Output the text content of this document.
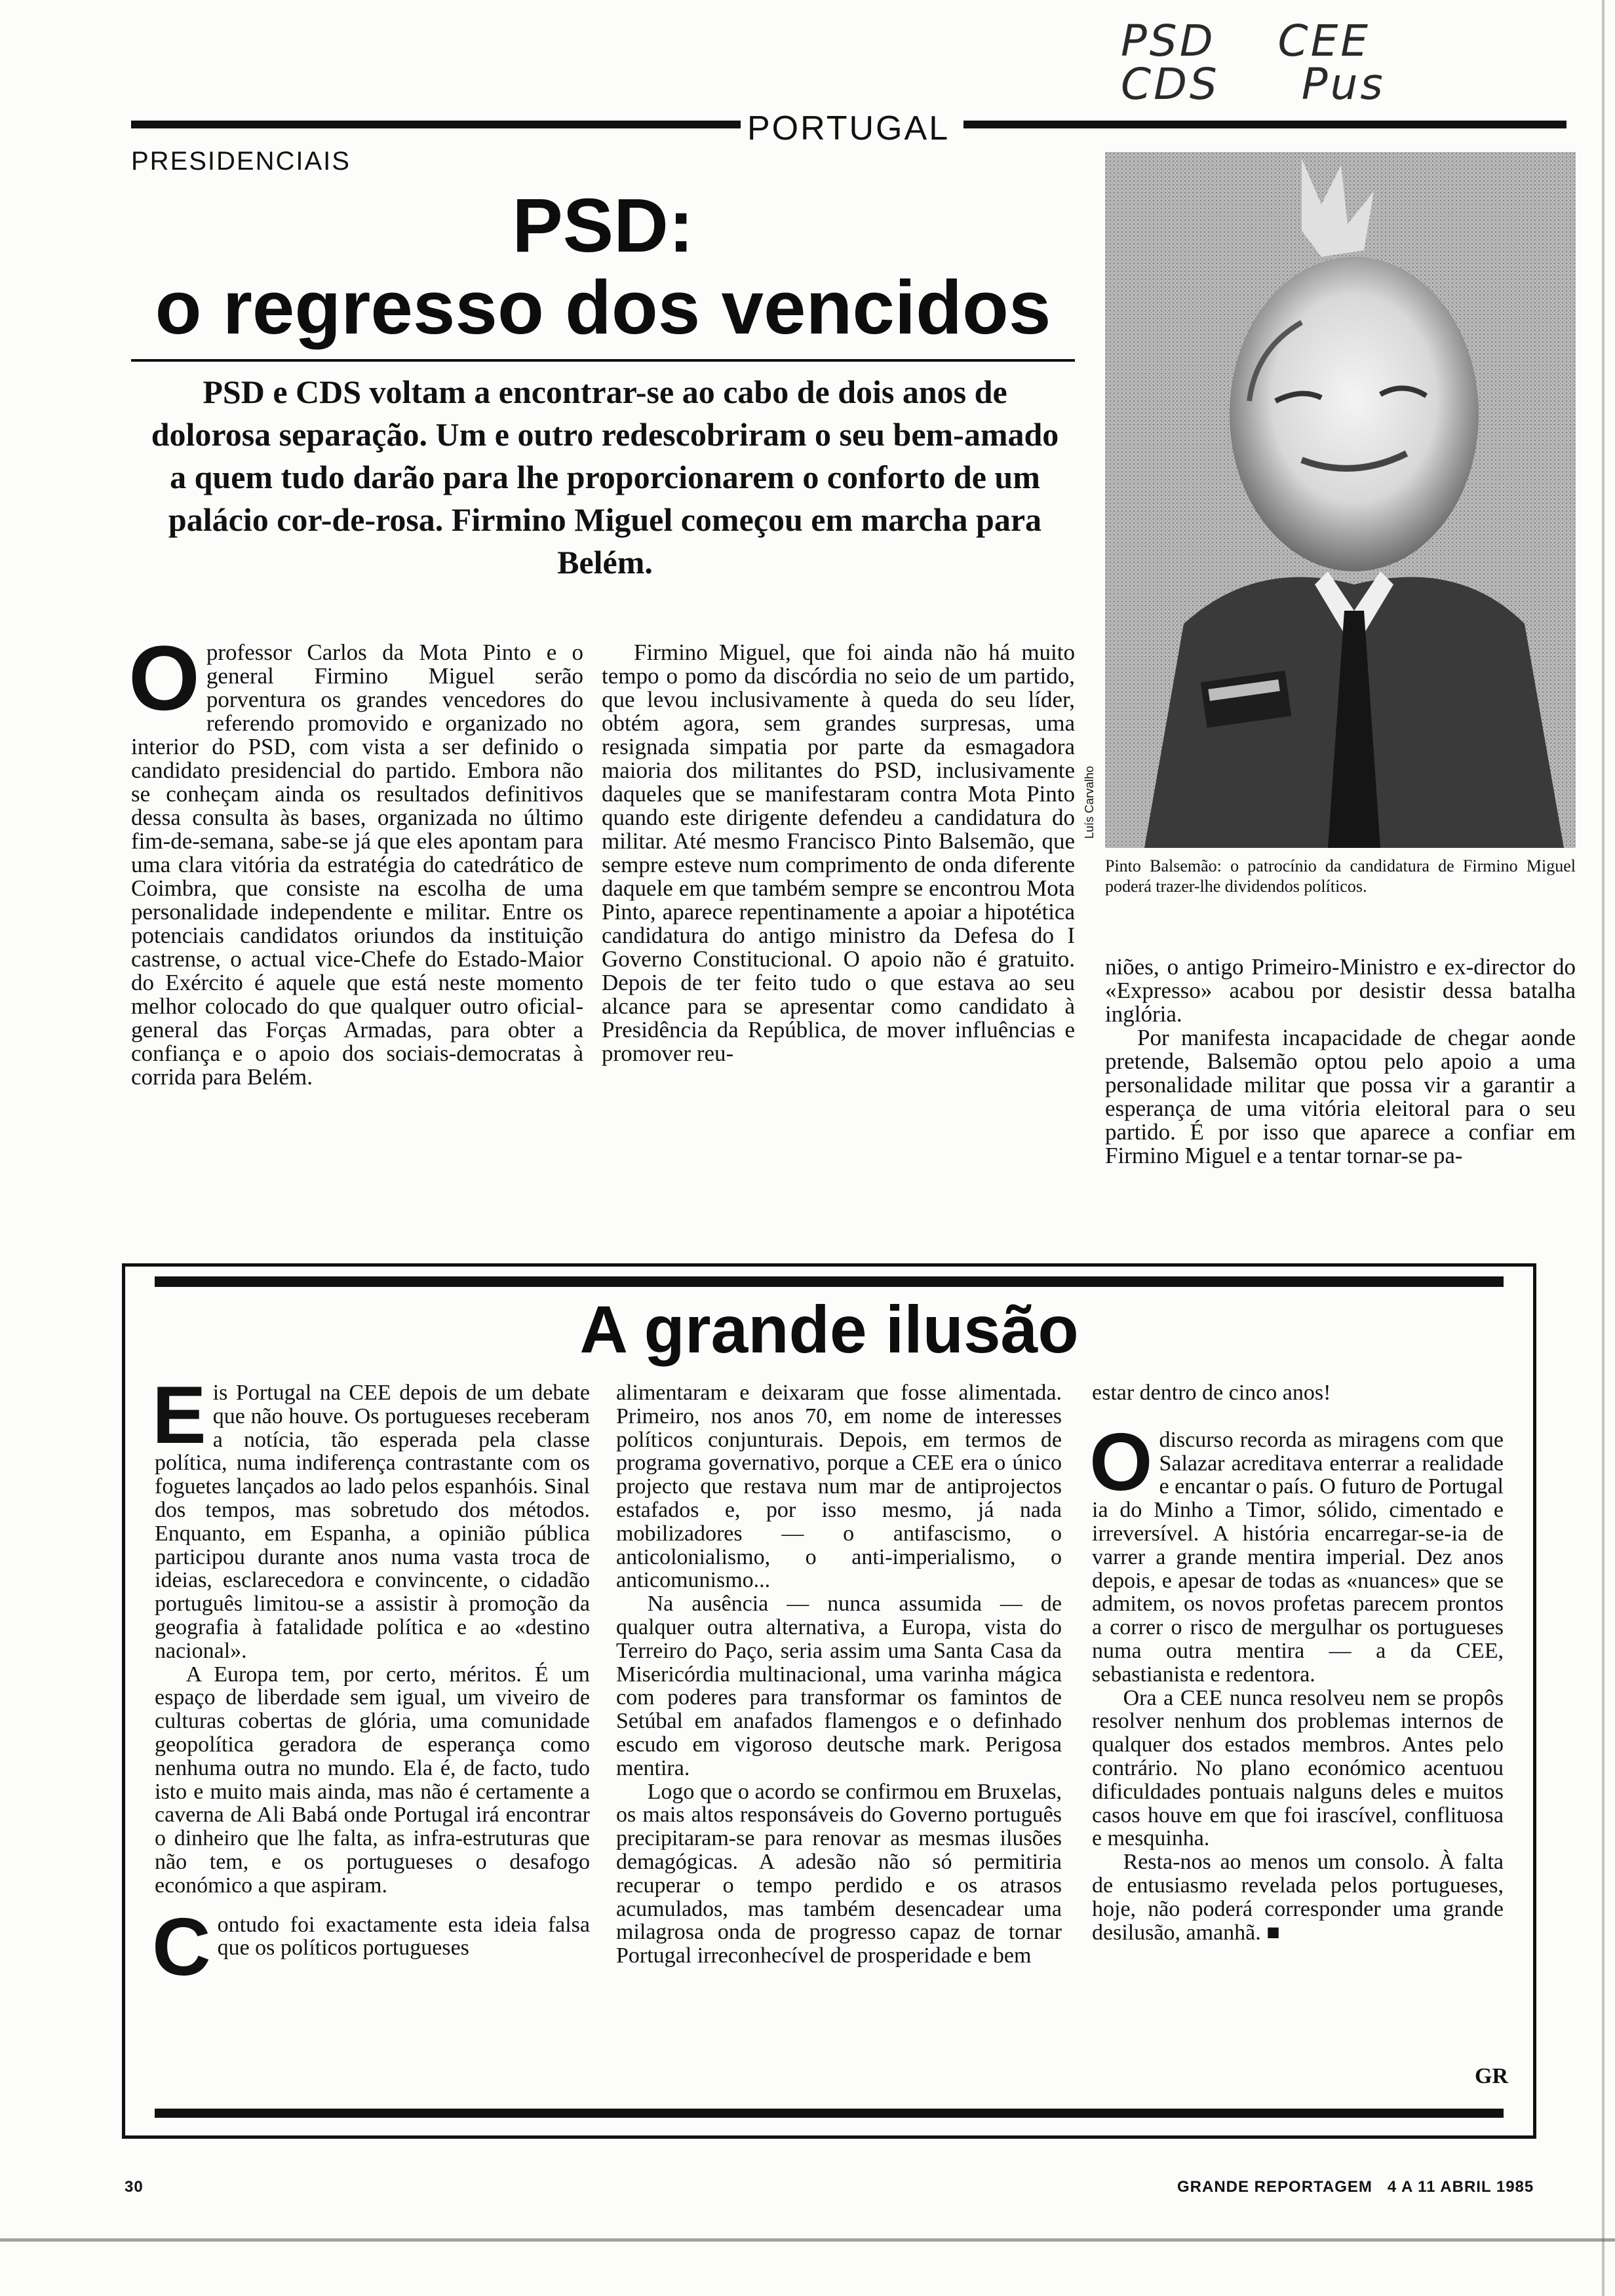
PSD CEE
CDS Pus
PORTUGAL
PRESIDENCIAIS
PSD:
o regresso dos vencidos
PSD e CDS voltam a encontrar-se ao cabo de dois anos de dolorosa separação. Um e outro redescobriram o seu bem-amado a quem tudo darão para lhe proporcionarem o conforto de um palácio cor-de-rosa. Firmino Miguel começou em marcha para Belém.

Oprofessor Carlos da Mota Pinto e o general Firmino Miguel serão porventura os grandes vencedores do referendo promovido e organizado no interior do PSD, com vista a ser definido o candidato presidencial do partido. Embora não se conheçam ainda os resultados definitivos dessa consulta às bases, organizada no último fim-de-semana, sabe-se já que eles apontam para uma clara vitória da estratégia do catedrático de Coimbra, que consiste na escolha de uma personalidade independente e militar. Entre os potenciais candidatos oriundos da instituição castrense, o actual vice-Chefe do Estado-Maior do Exército é aquele que está neste momento melhor colocado do que qualquer outro oficial-general das Forças Armadas, para obter a confiança e o apoio dos sociais-democratas à corrida para Belém.

Firmino Miguel, que foi ainda não há muito tempo o pomo da discórdia no seio de um partido, que levou inclusivamente à queda do seu líder, obtém agora, sem grandes surpresas, uma resignada simpatia por parte da esmagadora maioria dos militantes do PSD, inclusivamente daqueles que se manifestaram contra Mota Pinto quando este dirigente defendeu a candidatura do militar. Até mesmo Francisco Pinto Balsemão, que sempre esteve num comprimento de onda diferente daquele em que também sempre se encontrou Mota Pinto, aparece repentinamente a apoiar a hipotética candidatura do antigo ministro da Defesa do I Governo Constitucional. O apoio não é gratuito. Depois de ter feito tudo o que estava ao seu alcance para se apresentar como candidato à Presidência da República, de mover influências e promover reu-

Luís Carvalho
Pinto Balsemão: o patrocínio da candidatura de Firmino Miguel poderá trazer-lhe dividendos políticos.

niões, o antigo Primeiro-Ministro e ex-director do «Expresso» acabou por desistir dessa batalha inglória.

Por manifesta incapacidade de chegar aonde pretende, Balsemão optou pelo apoio a uma personalidade militar que possa vir a garantir a esperança de uma vitória eleitoral para o seu partido. É por isso que aparece a confiar em Firmino Miguel e a tentar tornar-se pa-

A grande ilusão

Eis Portugal na CEE depois de um debate que não houve. Os portugueses receberam a notícia, tão esperada pela classe política, numa indiferença contrastante com os foguetes lançados ao lado pelos espanhóis. Sinal dos tempos, mas sobretudo dos métodos. Enquanto, em Espanha, a opinião pública participou durante anos numa vasta troca de ideias, esclarecedora e convincente, o cidadão português limitou-se a assistir à promoção da geografia à fatalidade política e ao «destino nacional».

A Europa tem, por certo, méritos. É um espaço de liberdade sem igual, um viveiro de culturas cobertas de glória, uma comunidade geopolítica geradora de esperança como nenhuma outra no mundo. Ela é, de facto, tudo isto e muito mais ainda, mas não é certamente a caverna de Ali Babá onde Portugal irá encontrar o dinheiro que lhe falta, as infra-estruturas que não tem, e os portugueses o desafogo económico a que aspiram.

Contudo foi exactamente esta ideia falsa que os políticos portugueses

alimentaram e deixaram que fosse alimentada. Primeiro, nos anos 70, em nome de interesses políticos conjunturais. Depois, em termos de programa governativo, porque a CEE era o único projecto que restava num mar de antiprojectos estafados e, por isso mesmo, já nada mobilizadores — o antifascismo, o anticolonialismo, o anti-imperialismo, o anticomunismo...

Na ausência — nunca assumida — de qualquer outra alternativa, a Europa, vista do Terreiro do Paço, seria assim uma Santa Casa da Misericórdia multinacional, uma varinha mágica com poderes para transformar os famintos de Setúbal em anafados flamengos e o definhado escudo em vigoroso deutsche mark. Perigosa mentira.

Logo que o acordo se confirmou em Bruxelas, os mais altos responsáveis do Governo português precipitaram-se para renovar as mesmas ilusões demagógicas. A adesão não só permitiria recuperar o tempo perdido e os atrasos acumulados, mas também desencadear uma milagrosa onda de progresso capaz de tornar Portugal irreconhecível de prosperidade e bem

estar dentro de cinco anos!

Odiscurso recorda as miragens com que Salazar acreditava enterrar a realidade e encantar o país. O futuro de Portugal ia do Minho a Timor, sólido, cimentado e irreversível. A história encarregar-se-ia de varrer a grande mentira imperial. Dez anos depois, e apesar de todas as «nuances» que se admitem, os novos profetas parecem prontos a correr o risco de mergulhar os portugueses numa outra mentira — a da CEE, sebastianista e redentora.

Ora a CEE nunca resolveu nem se propôs resolver nenhum dos problemas internos de qualquer dos estados membros. Antes pelo contrário. No plano económico acentuou dificuldades pontuais nalguns deles e muitos casos houve em que foi irascível, conflituosa e mesquinha.

Resta-nos ao menos um consolo. À falta de entusiasmo revelada pelos portugueses, hoje, não poderá corresponder uma grande desilusão, amanhã. ■

GR
30	GRANDE REPORTAGEM   4 A 11 ABRIL 1985
